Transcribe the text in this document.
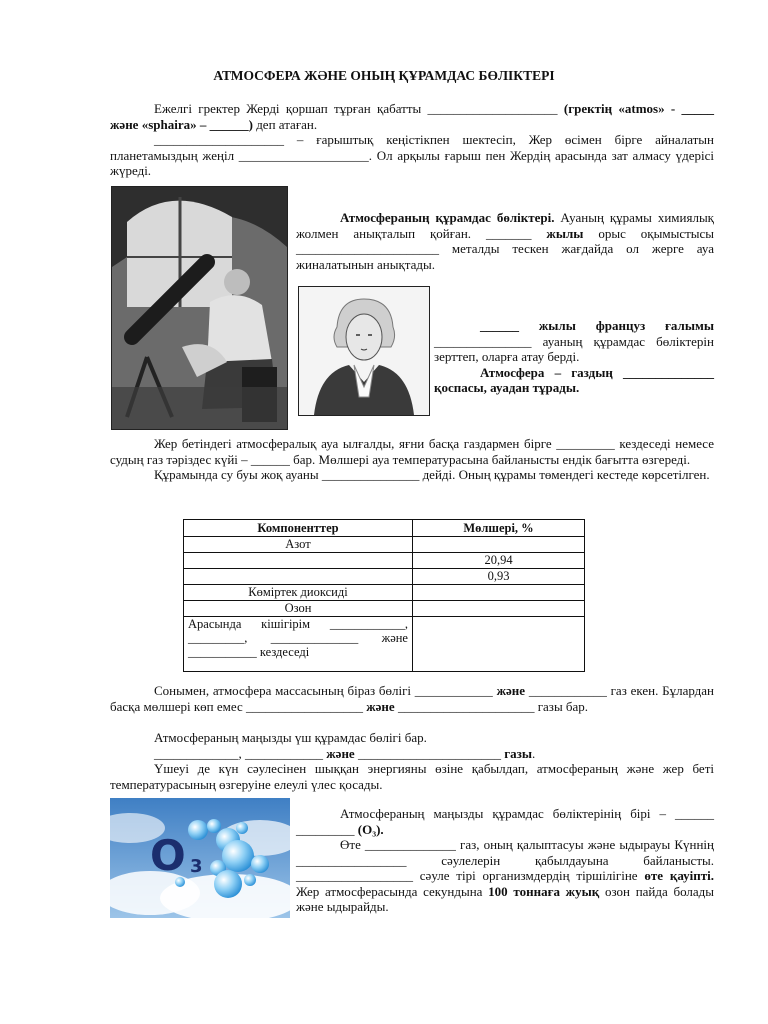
АТМОСФЕРА ЖӘНЕ ОНЫҢ ҚҰРАМДАС БӨЛІКТЕРІ

Ежелгі гректер Жерді қоршап тұрған қабатты ____________________ (гректің «atmos» - _____ және «sphaira» – ______) деп атаған.

____________________ – ғарыштық кеңістікпен шектесіп, Жер өсімен бірге айналатын планетамыздың жеңіл ____________________. Ол арқылы ғарыш пен Жердің арасында зат алмасу үдерісі жүреді.

Атмосфераның құрамдас бөліктері. Ауаның құрамы химиялық жолмен анықталып қойған. _______ жылы орыс оқымыстысы ______________________ металды тескен жағдайда ол жерге ауа жиналатынын анықтады.

______ жылы француз ғалымы _______________ ауаның құрамдас бөліктерін зерттеп, оларға атау берді.

Атмосфера – газдың ______________ қоспасы, ауадан тұрады.

Жер бетіндегі атмосфералық ауа ылғалды, яғни басқа газдармен бірге _________ кездеседі немесе судың газ тәріздес күйі – ______ бар. Мөлшері ауа температурасына байланысты ендік бағытта өзгереді.

Құрамында су буы жоқ ауаны _______________ дейді. Оның құрамы төмендегі кестеде көрсетілген.

Компоненттер	Мөлшері, %
Азот	
	20,94
	0,93
Көміртек диоксиді	
Озон	
Арасында кішігірім ____________, _________, ______________ және ___________ кездеседі	

Сонымен, атмосфера массасының біраз бөлігі ____________ және ____________ газ екен. Бұлардан басқа мөлшері көп емес __________________ және _____________________ газы бар.

Атмосфераның маңызды үш құрамдас бөлігі бар.

_____________, ____________ және ______________________ газы.

Үшеуі де күн сәулесінен шыққан энергияны өзіне қабылдап, атмосфераның және жер беті температурасының өзгеруіне елеулі үлес қосады.

O 3

Атмосфераның маңызды құрамдас бөліктерінің бірі – ______ _________ (O₃).

Өте ______________ газ, оның қалыптасуы және ыдырауы Күннің _________________ сәулелерін қабылдауына байланысты. __________________ сәуле тірі организмдердің тіршілігіне өте қауіпті. Жер атмосферасында секундына 100 тоннаға жуық озон пайда болады және ыдырайды.
